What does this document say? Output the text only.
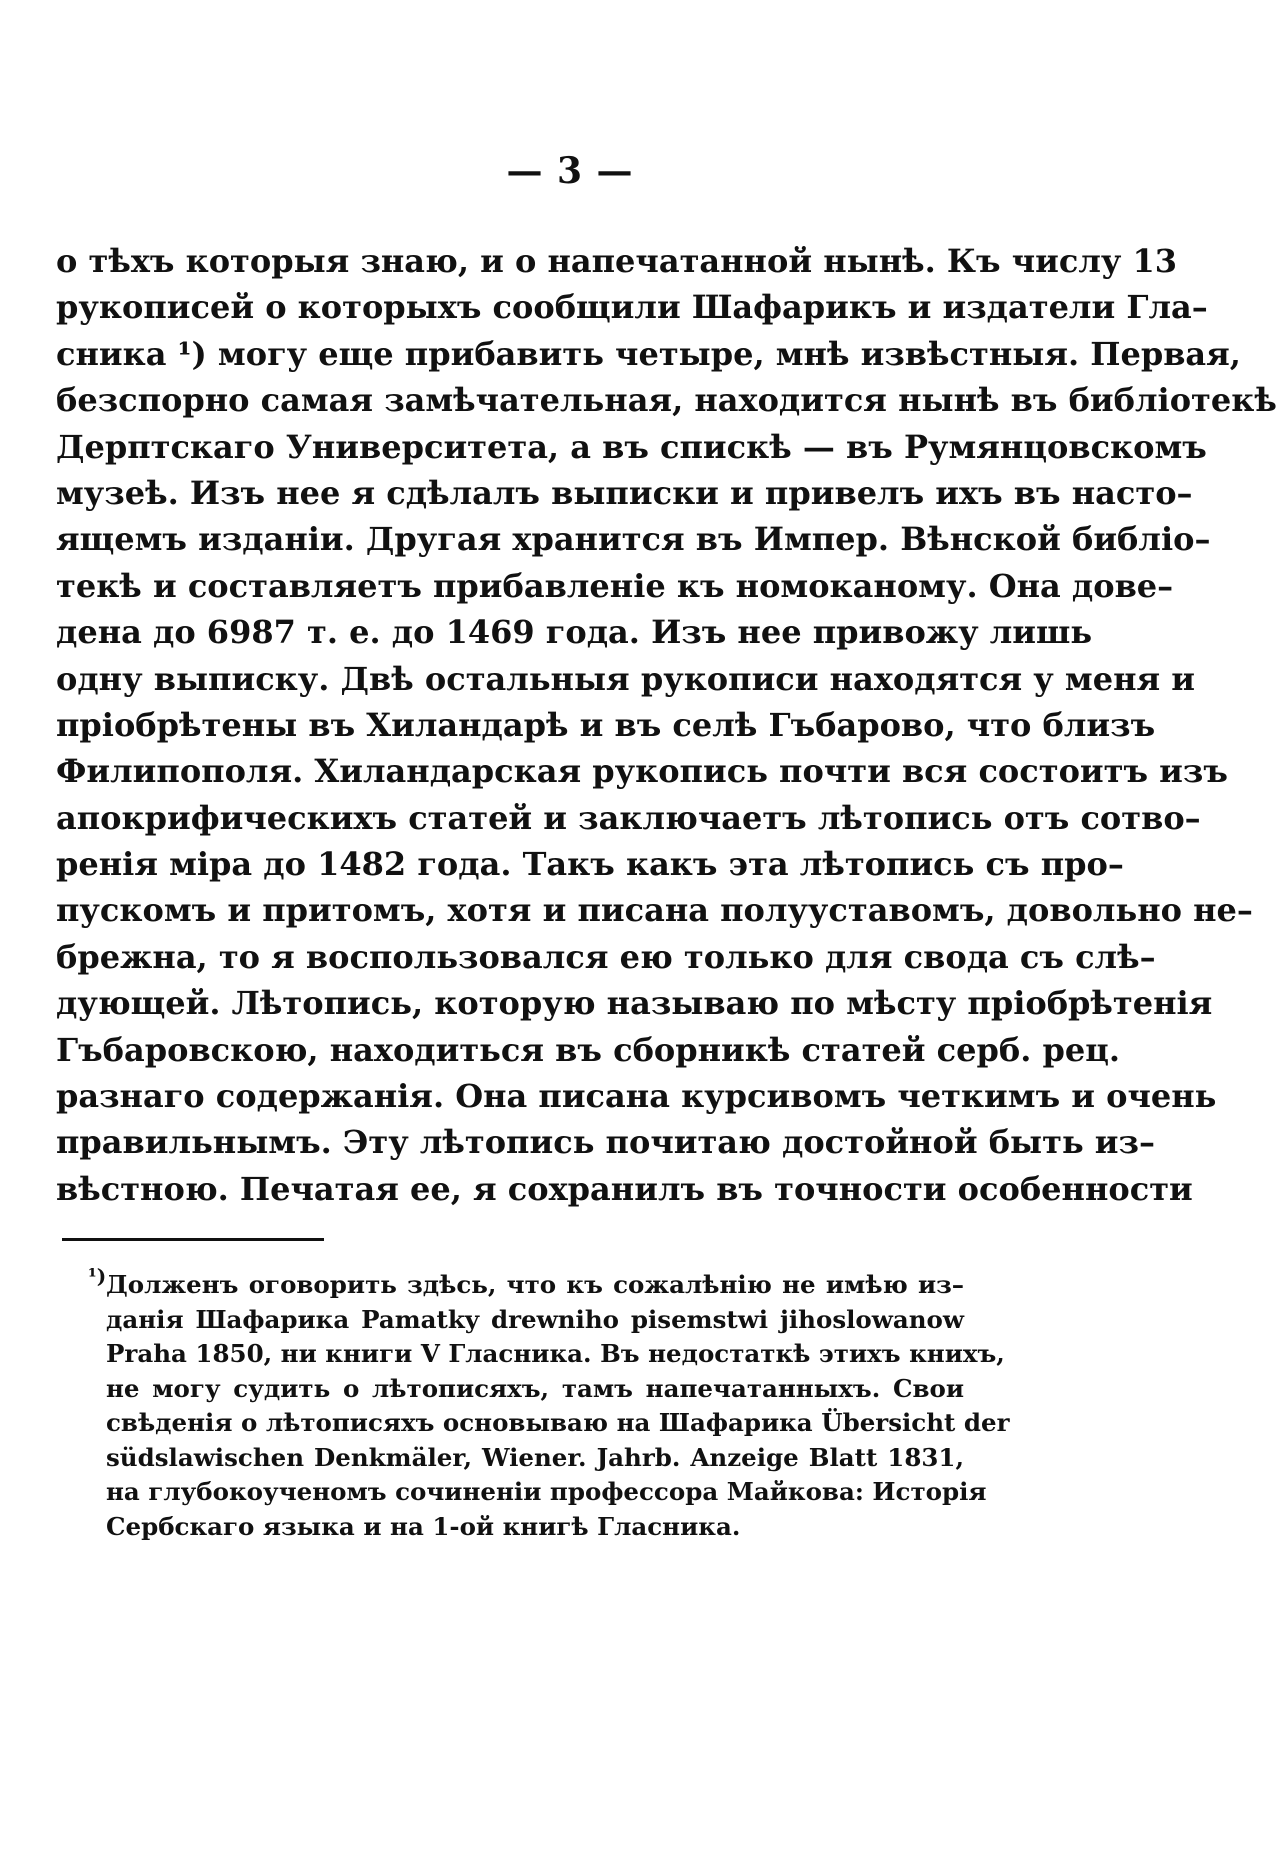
— 3 —
о тѣхъ которыя знаю, и о напечатанной нынѣ. Къ числу 13
рукописей о которыхъ сообщили Шафарикъ и издатели Гла–
сника ¹) могу еще прибавить четыре, мнѣ извѣстныя. Первая,
безспорно самая замѣчательная, находится нынѣ въ библіотекѣ
Дерптскаго Университета, а въ спискѣ — въ Румянцовскомъ
музеѣ. Изъ нее я сдѣлалъ выписки и привелъ ихъ въ насто–
ящемъ изданіи. Другая хранится въ Импер. Вѣнской библіо–
текѣ и составляетъ прибавленіе къ номоканому. Она дове–
дена до 6987 т. е. до 1469 года. Изъ нее привожу лишь
одну выписку. Двѣ остальныя рукописи находятся у меня и
пріобрѣтены въ Хиландарѣ и въ селѣ Гъбарово, что близъ
Филипополя. Хиландарская рукопись почти вся состоитъ изъ
апокрифическихъ статей и заключаетъ лѣтопись отъ сотво–
ренія міра до 1482 года. Такъ какъ эта лѣтопись съ про–
пускомъ и притомъ, хотя и писана полууставомъ, довольно не–
брежна, то я воспользовался ею только для свода съ слѣ–
дующей. Лѣтопись, которую называю по мѣсту пріобрѣтенія
Гъбаровскою, находиться въ сборникѣ статей серб. рец.
разнаго содержанія. Она писана курсивомъ четкимъ и очень
правильнымъ. Эту лѣтопись почитаю достойной быть из–
вѣстною. Печатая ее, я сохранилъ въ точности особенности
¹) Долженъ оговорить здѣсь, что къ сожалѣнію не имѣю из–
данія Шафарика Pamatky drewniho pisemstwi jihoslowanow
Praha 1850, ни книги V Гласника. Въ недостаткѣ этихъ книхъ,
не могу судить о лѣтописяхъ, тамъ напечатанныхъ. Свои
свѣденія о лѣтописяхъ основываю на Шафарика Übersicht der
südslawischen Denkmäler, Wiener. Jahrb. Anzeige Blatt 1831,
на глубокоученомъ сочиненіи профессора Майкова: Исторія
Сербскаго языка и на 1-ой книгѣ Гласника.
